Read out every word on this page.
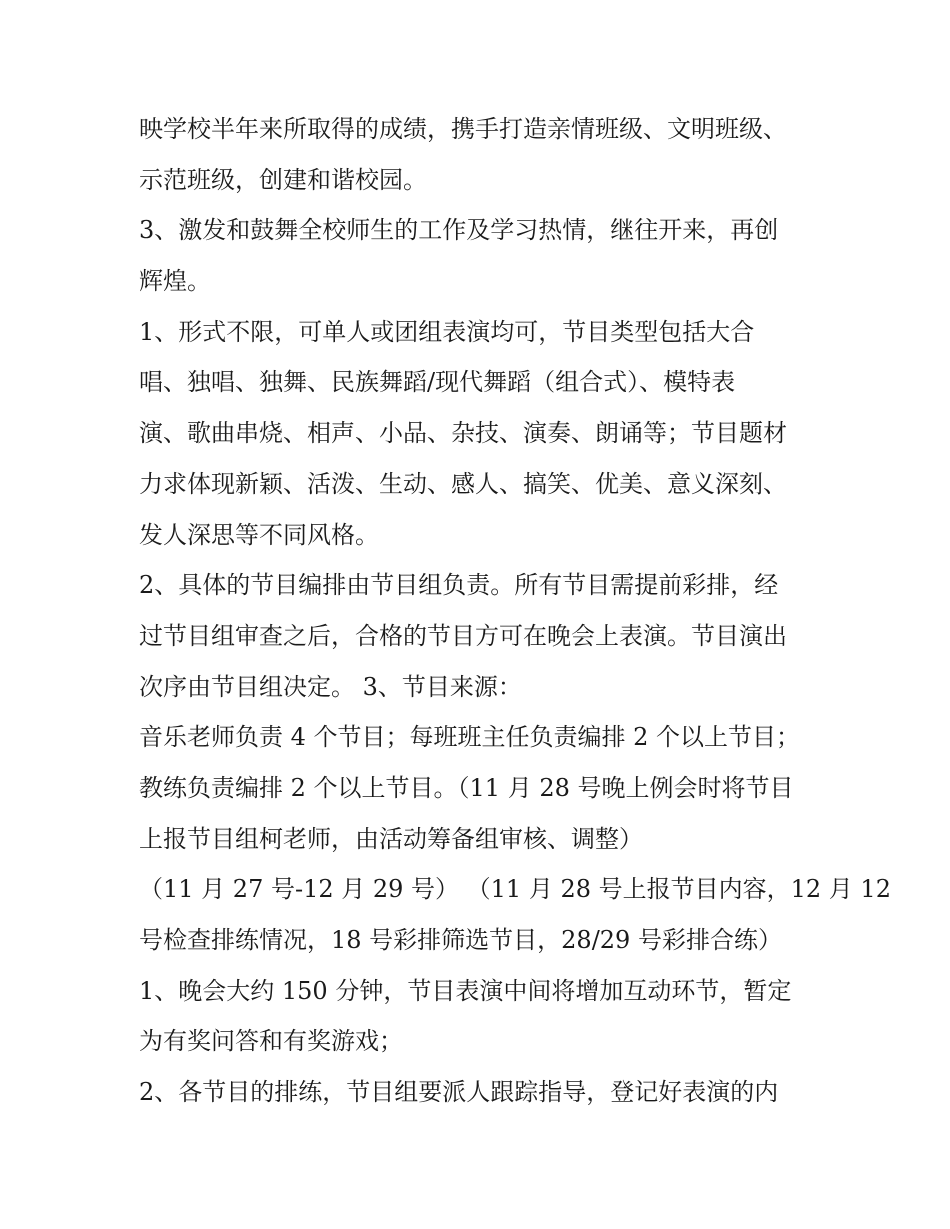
映学校半年来所取得的成绩，携手打造亲情班级、文明班级、
示范班级，创建和谐校园。
3、激发和鼓舞全校师生的工作及学习热情，继往开来，再创
辉煌。
1、形式不限，可单人或团组表演均可，节目类型包括大合
唱、独唱、独舞、民族舞蹈/现代舞蹈（组合式）、模特表
演、歌曲串烧、相声、小品、杂技、演奏、朗诵等；节目题材
力求体现新颖、活泼、生动、感人、搞笑、优美、意义深刻、
发人深思等不同风格。
2、具体的节目编排由节目组负责。所有节目需提前彩排，经
过节目组审查之后，合格的节目方可在晚会上表演。节目演出
次序由节目组决定。 3、节目来源：
音乐老师负责 4 个节目；每班班主任负责编排 2 个以上节目；
教练负责编排 2 个以上节目。（11 月 28 号晚上例会时将节目
上报节目组柯老师，由活动筹备组审核、调整）
（11 月 27 号-12 月 29 号） （11 月 28 号上报节目内容，12 月 12
号检查排练情况，18 号彩排筛选节目，28/29 号彩排合练）
1、晚会大约 150 分钟，节目表演中间将增加互动环节，暂定
为有奖问答和有奖游戏；
2、各节目的排练，节目组要派人跟踪指导，登记好表演的内
